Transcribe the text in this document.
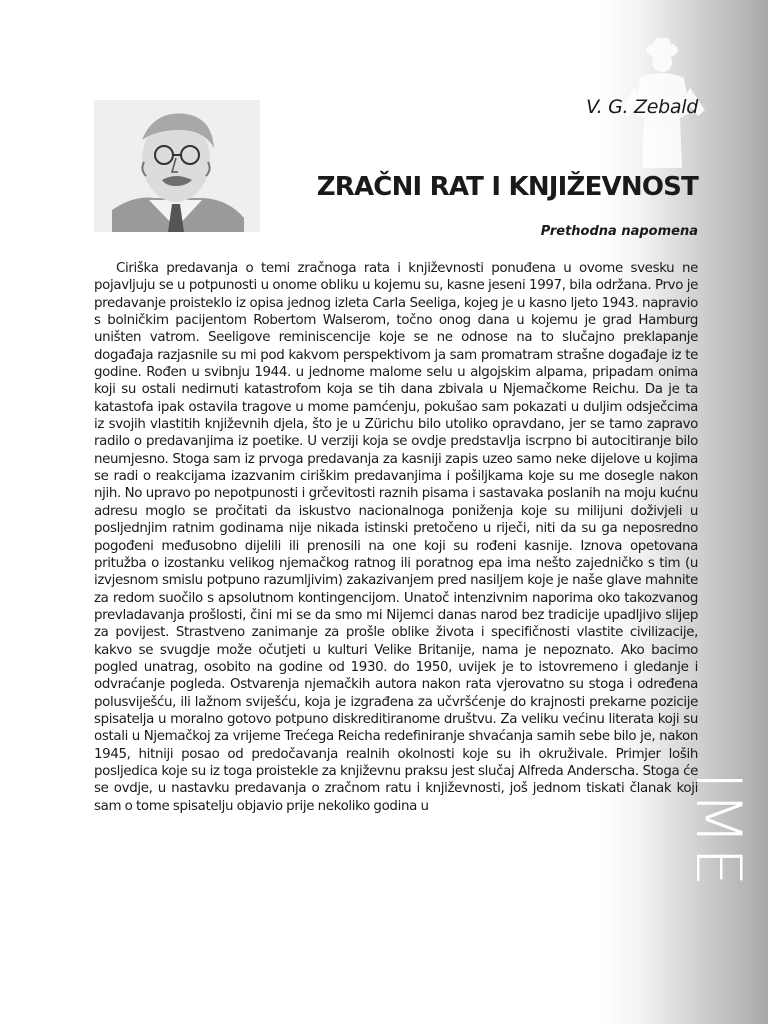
IME
V. G. Zebald
ZRAČNI RAT I KNJIŽEVNOST
Prethodna napomena

Ciriška predavanja o temi zračnoga rata i književnosti ponuđena u ovome svesku ne pojavljuju se u potpunosti u onome obliku u kojemu su, kasne jeseni 1997, bila održana. Prvo je predavanje proisteklo iz opisa jednog izleta Carla Seeliga, kojeg je u kasno ljeto 1943. napravio s bolničkim pacijentom Robertom Walserom, točno onog dana u kojemu je grad Hamburg uništen vatrom. Seeligove reminiscencije koje se ne odnose na to slučajno preklapanje događaja razjasnile su mi pod kakvom perspektivom ja sam promatram strašne događaje iz te godine. Rođen u svibnju 1944. u jednome malome selu u algojskim alpama, pripadam onima koji su ostali nedirnuti katastrofom koja se tih dana zbivala u Njemačkome Reichu. Da je ta katastofa ipak ostavila tragove u mome pamćenju, pokušao sam pokazati u duljim odsječcima iz svojih vlastitih književnih djela, što je u Zürichu bilo utoliko opravdano, jer se tamo zapravo radilo o predavanjima iz poetike. U verziji koja se ovdje predstavlja iscrpno bi autocitiranje bilo neumjesno. Stoga sam iz prvoga predavanja za kasniji zapis uzeo samo neke dijelove u kojima se radi o reakcijama izazvanim ciriškim predavanjima i pošiljkama koje su me dosegle nakon njih. No upravo po nepotpunosti i grčevitosti raznih pisama i sastavaka poslanih na moju kućnu adresu moglo se pročitati da iskustvo nacionalnoga poniženja koje su milijuni doživjeli u posljednjim ratnim godinama nije nikada istinski pretočeno u riječi, niti da su ga neposredno pogođeni međusobno dijelili ili prenosili na one koji su rođeni kasnije. Iznova opetovana pritužba o izostanku velikog njemačkog ratnog ili poratnog epa ima nešto zajedničko s tim (u izvjesnom smislu potpuno razumljivim) zakazivanjem pred nasiljem koje je naše glave mahnite za redom suočilo s apsolutnom kontingencijom. Unatoč intenzivnim naporima oko takozvanog prevladavanja prošlosti, čini mi se da smo mi Nijemci danas narod bez tradicije upadljivo slijep za povijest. Strastveno zanimanje za prošle oblike života i specifičnosti vlastite civilizacije, kakvo se svugdje može očutjeti u kulturi Velike Britanije, nama je nepoznato. Ako bacimo pogled unatrag, osobito na godine od 1930. do 1950, uvijek je to istovremeno i gledanje i odvraćanje pogleda. Ostvarenja njemačkih autora nakon rata vjerovatno su stoga i određena polusviješću, ili lažnom sviješću, koja je izgrađena za učvršćenje do krajnosti prekarne pozicije spisatelja u moralno gotovo potpuno diskreditiranome društvu. Za veliku većinu literata koji su ostali u Njemačkoj za vrijeme Trećega Reicha redefiniranje shvaćanja samih sebe bilo je, nakon 1945, hitniji posao od predočavanja realnih okolnosti koje su ih okruživale. Primjer loših posljedica koje su iz toga proistekle za književnu praksu jest slučaj Alfreda Anderscha. Stoga će se ovdje, u nastavku predavanja o zračnom ratu i književnosti, još jednom tiskati članak koji sam o tome spisatelju objavio prije nekoliko godina u
